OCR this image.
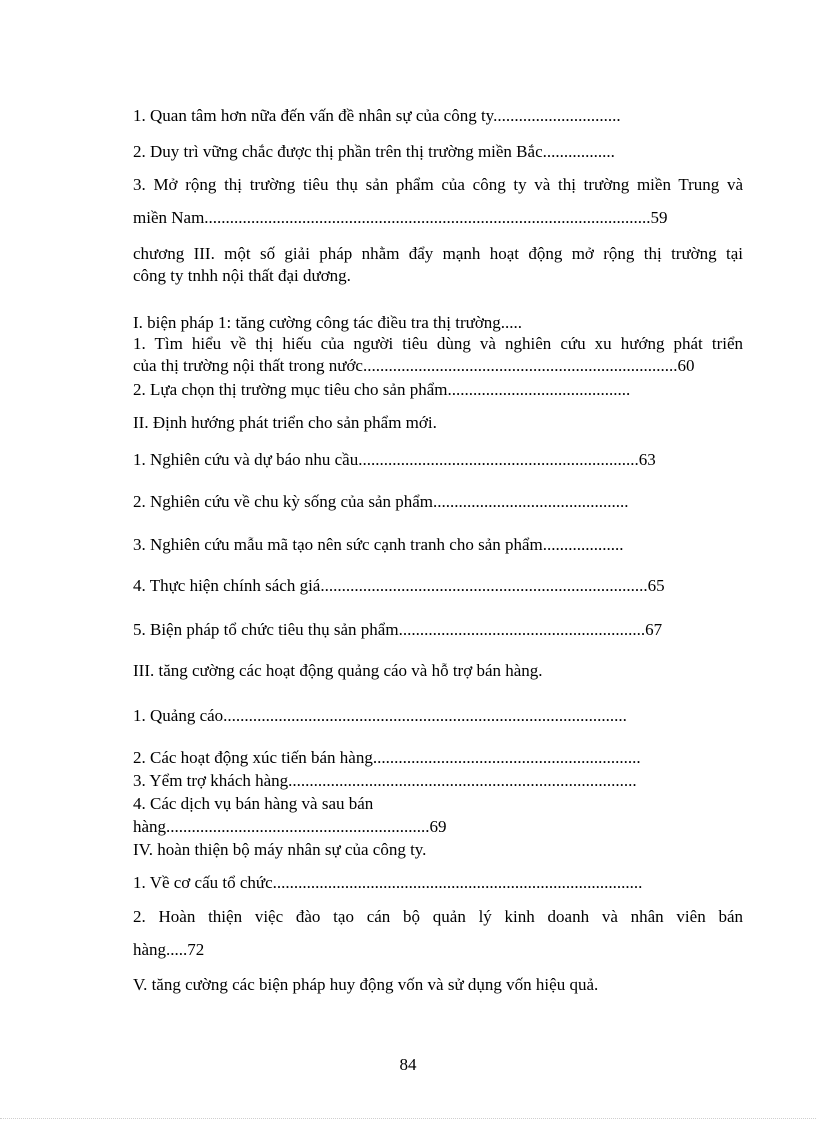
1. Quan tâm hơn nữa đến vấn đề nhân sự của công ty..............................
2. Duy trì vững chắc được thị phần trên thị trường miền Bắc.................
3. Mở rộng thị trường tiêu thụ sản phẩm của công ty và thị trường miền Trung và
miền Nam.........................................................................................................59
chương III. một số giải pháp nhằm đẩy mạnh hoạt động mở rộng thị trường tại
công ty tnhh nội thất đại dương.
I. biện pháp 1: tăng cường công tác điều tra thị trường.....
1. Tìm hiểu về thị hiếu của người tiêu dùng và nghiên cứu xu hướng phát triển
của thị trường nội thất trong nước..........................................................................60
2. Lựa chọn thị trường mục tiêu cho sản phẩm...........................................
II. Định hướng phát triển cho sản phẩm mới.
1. Nghiên cứu và dự báo nhu cầu..................................................................63
2. Nghiên cứu về chu kỳ sống của sản phẩm..............................................
3. Nghiên cứu mẫu mã tạo nên sức cạnh tranh cho sản phẩm...................
4. Thực hiện chính sách giá.............................................................................65
5. Biện pháp tổ chức tiêu thụ sản phẩm..........................................................67
III. tăng cường các hoạt động quảng cáo và hỗ trợ bán hàng.
1. Quảng cáo...............................................................................................
2. Các hoạt động xúc tiến bán hàng...............................................................
3. Yểm trợ khách hàng..................................................................................
4. Các dịch vụ bán hàng và sau bán
hàng..............................................................69
IV. hoàn thiện bộ máy nhân sự của công ty.
1. Về cơ cấu tổ chức.......................................................................................
2. Hoàn thiện việc đào tạo cán bộ quản lý kinh doanh và nhân viên bán
hàng.....72
V. tăng cường các biện pháp huy động vốn và sử dụng vốn hiệu quả.
84
